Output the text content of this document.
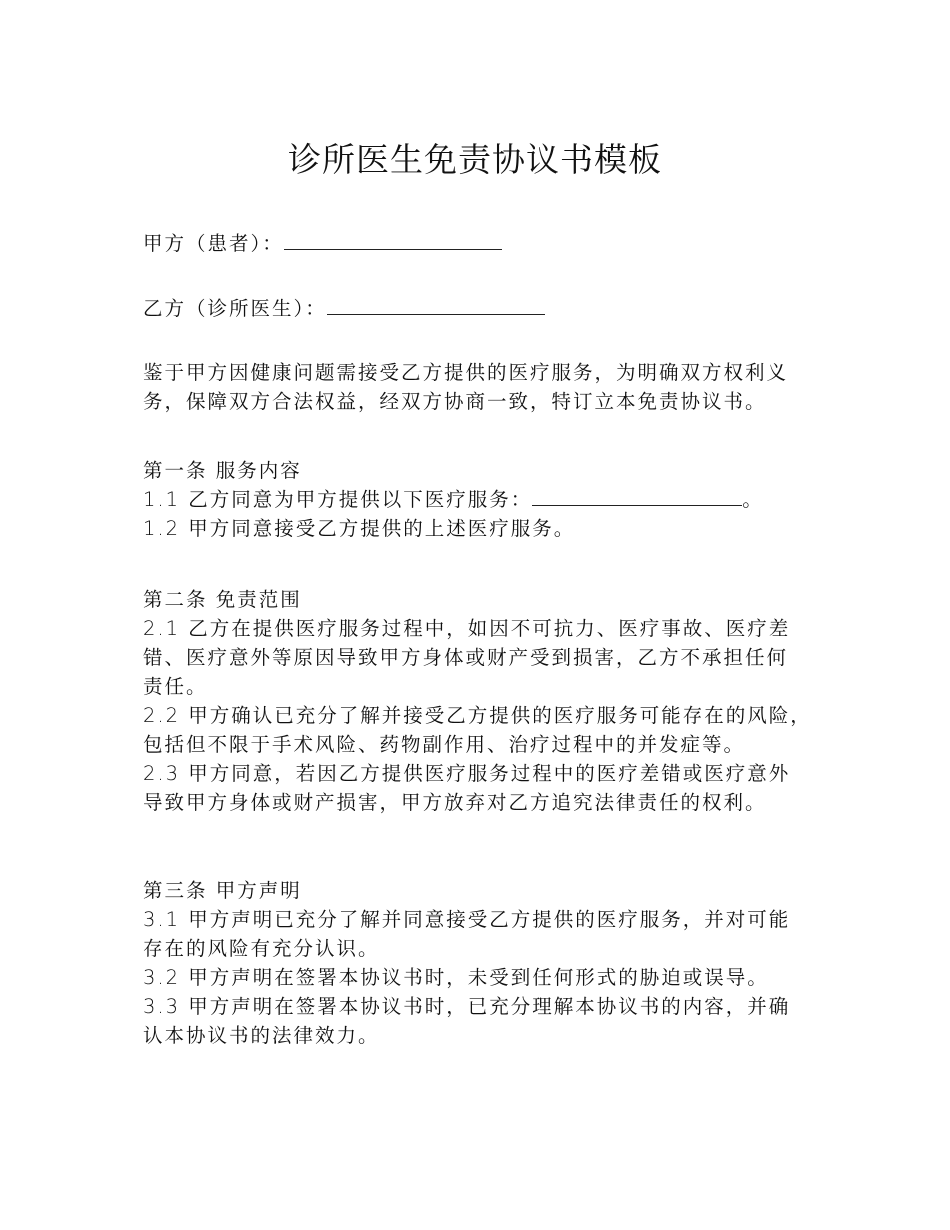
诊所医生免责协议书模板
甲方（患者）：
乙方（诊所医生）：
鉴于甲方因健康问题需接受乙方提供的医疗服务，为明确双方权利义
务，保障双方合法权益，经双方协商一致，特订立本免责协议书。
第一条 服务内容
1.1 乙方同意为甲方提供以下医疗服务：	。
1.2 甲方同意接受乙方提供的上述医疗服务。
第二条 免责范围
2.1 乙方在提供医疗服务过程中，如因不可抗力、医疗事故、医疗差
错、医疗意外等原因导致甲方身体或财产受到损害，乙方不承担任何
责任。
2.2 甲方确认已充分了解并接受乙方提供的医疗服务可能存在的风险，
包括但不限于手术风险、药物副作用、治疗过程中的并发症等。
2.3 甲方同意，若因乙方提供医疗服务过程中的医疗差错或医疗意外
导致甲方身体或财产损害，甲方放弃对乙方追究法律责任的权利。
第三条 甲方声明
3.1 甲方声明已充分了解并同意接受乙方提供的医疗服务，并对可能
存在的风险有充分认识。
3.2 甲方声明在签署本协议书时，未受到任何形式的胁迫或误导。
3.3 甲方声明在签署本协议书时，已充分理解本协议书的内容，并确
认本协议书的法律效力。
